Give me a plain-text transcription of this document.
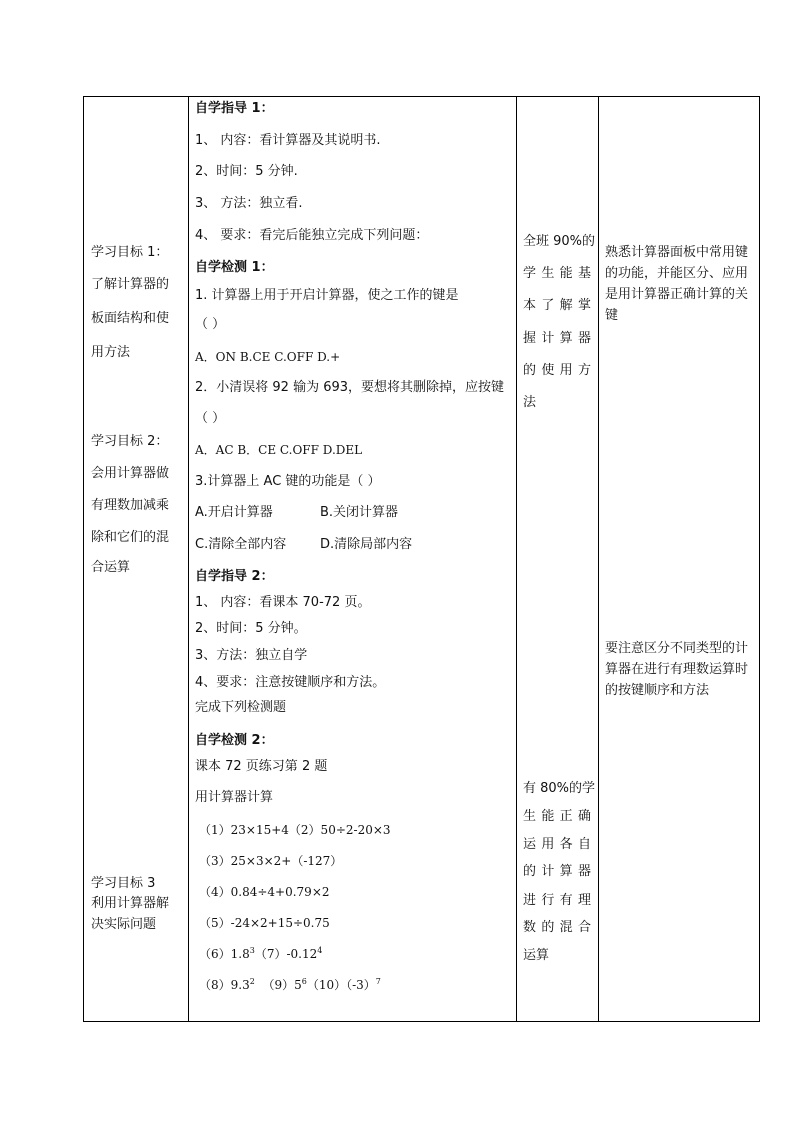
学习目标 1：
了解计算器的
板面结构和使
用方法
学习目标 2：
会用计算器做
有理数加减乘
除和它们的混
合运算
学习目标 3
利用计算器解
决实际问题

自学指导 1：
1、 内容：看计算器及其说明书.
2、时间：5 分钟.
3、 方法：独立看.
4、 要求：看完后能独立完成下列问题：
自学检测 1：
1. 计算器上用于开启计算器，使之工作的键是
（ ）
A．ON B.CE C.OFF D.+
2．小清误将 92 输为 693，要想将其删除掉，应按键
（ ）
A．AC B．CE C.OFF D.DEL
3.计算器上 AC 键的功能是（ ）
A.开启计算器	B.关闭计算器
C.清除全部内容	D.清除局部内容
自学指导 2：
1、 内容：看课本 70-72 页。
2、时间：5 分钟。
3、方法：独立自学
4、要求：注意按键顺序和方法。
完成下列检测题
自学检测 2：
课本 72 页练习第 2 题
用计算器计算
（1）23×15+4（2）50÷2-20×3
（3）25×3×2+（-127）
（4）0.84÷4+0.79×2
（5）-24×2+15÷0.75
$(6)1.8^3(7)-0.12^4$
$(8)9.3^2$  $(9)5^6(10)(-3)^7$

全班 90%的
学生能基
本了解掌
握计算器
的使用方
法
有 80%的学
生能正确
运用各自
的计算器
进行有理
数的混合
运算

熟悉计算器面板中常用键的功能，并能区分、应用是用计算器正确计算的关键
要注意区分不同类型的计算器在进行有理数运算时的按键顺序和方法
